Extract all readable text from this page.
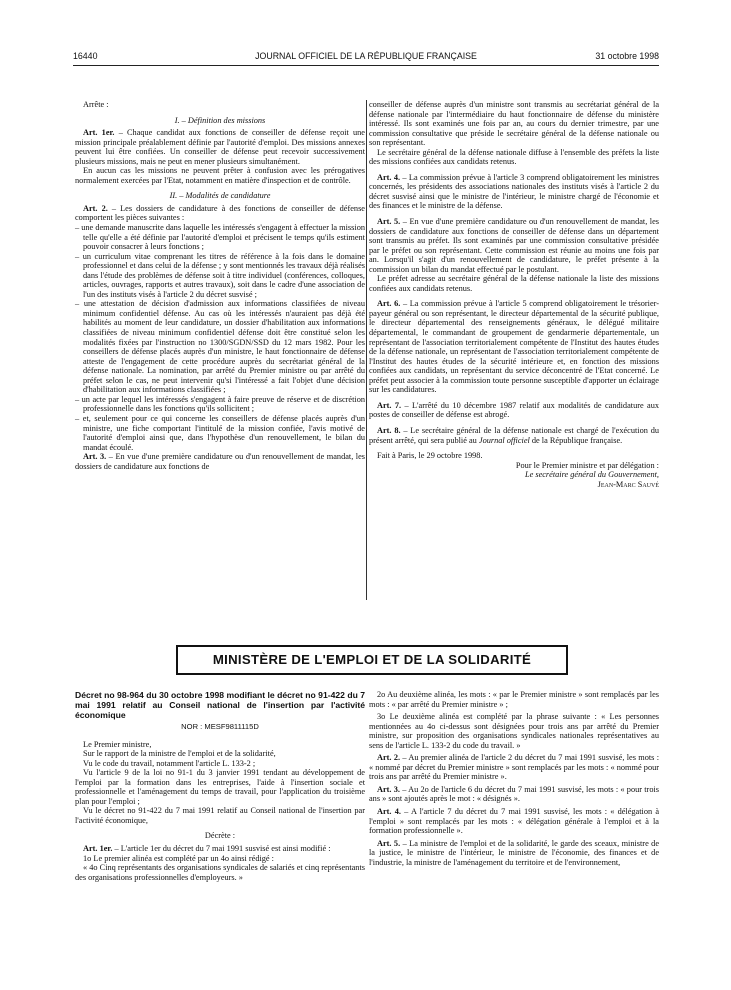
16440	JOURNAL OFFICIEL DE LA RÉPUBLIQUE FRANÇAISE	31 octobre 1998

Arrête :

I. – Définition des missions

Art. 1er. – Chaque candidat aux fonctions de conseiller de défense reçoit une mission principale préalablement définie par l'autorité d'emploi. Des missions annexes peuvent lui être confiées. Un conseiller de défense peut recevoir successivement plusieurs missions, mais ne peut en mener plusieurs simultanément.

En aucun cas les missions ne peuvent prêter à confusion avec les prérogatives normalement exercées par l'Etat, notamment en matière d'inspection et de contrôle.

II. – Modalités de candidature

Art. 2. – Les dossiers de candidature à des fonctions de conseiller de défense comportent les pièces suivantes :

– une demande manuscrite dans laquelle les intéressés s'engagent à effectuer la mission telle qu'elle a été définie par l'autorité d'emploi et précisent le temps qu'ils estiment pouvoir consacrer à leurs fonctions ;
– un curriculum vitae comprenant les titres de référence à la fois dans le domaine professionnel et dans celui de la défense ; y sont mentionnés les travaux déjà réalisés dans l'étude des problèmes de défense soit à titre individuel (conférences, colloques, articles, ouvrages, rapports et autres travaux), soit dans le cadre d'une association de l'un des instituts visés à l'article 2 du décret susvisé ;
– une attestation de décision d'admission aux informations classifiées de niveau minimum confidentiel défense. Au cas où les intéressés n'auraient pas déjà été habilités au moment de leur candidature, un dossier d'habilitation aux informations classifiées de niveau minimum confidentiel défense doit être constitué selon les modalités fixées par l'instruction no 1300/SGDN/SSD du 12 mars 1982. Pour les conseillers de défense placés auprès d'un ministre, le haut fonctionnaire de défense atteste de l'engagement de cette procédure auprès du secrétariat général de la défense nationale. La nomination, par arrêté du Premier ministre ou par arrêté du préfet selon le cas, ne peut intervenir qu'si l'intéressé a fait l'objet d'une décision d'habilitation aux informations classifiées ;
– un acte par lequel les intéressés s'engagent à faire preuve de réserve et de discrétion professionnelle dans les fonctions qu'ils sollicitent ;
– et, seulement pour ce qui concerne les conseillers de défense placés auprès d'un ministre, une fiche comportant l'intitulé de la mission confiée, l'avis motivé de l'autorité d'emploi ainsi que, dans l'hypothèse d'un renouvellement, le bilan du mandat écoulé.

Art. 3. – En vue d'une première candidature ou d'un renouvellement de mandat, les dossiers de candidature aux fonctions de

conseiller de défense auprès d'un ministre sont transmis au secrétariat général de la défense nationale par l'intermédiaire du haut fonctionnaire de défense du ministère intéressé. Ils sont examinés une fois par an, au cours du dernier trimestre, par une commission consultative que préside le secrétaire général de la défense nationale ou son représentant.

Le secrétaire général de la défense nationale diffuse à l'ensemble des préfets la liste des missions confiées aux candidats retenus.

Art. 4. – La commission prévue à l'article 3 comprend obligatoirement les ministres concernés, les présidents des associations nationales des instituts visés à l'article 2 du décret susvisé ainsi que le ministre de l'intérieur, le ministre chargé de l'économie et des finances et le ministre de la défense.

Art. 5. – En vue d'une première candidature ou d'un renouvellement de mandat, les dossiers de candidature aux fonctions de conseiller de défense dans un département sont transmis au préfet. Ils sont examinés par une commission consultative présidée par le préfet ou son représentant. Cette commission est réunie au moins une fois par an. Lorsqu'il s'agit d'un renouvellement de candidature, le préfet présente à la commission un bilan du mandat effectué par le postulant.

Le préfet adresse au secrétaire général de la défense nationale la liste des missions confiées aux candidats retenus.

Art. 6. – La commission prévue à l'article 5 comprend obligatoirement le trésorier-payeur général ou son représentant, le directeur départemental de la sécurité publique, le directeur départemental des renseignements généraux, le délégué militaire départemental, le commandant de groupement de gendarmerie départementale, un représentant de l'association territorialement compétente de l'Institut des hautes études de la défense nationale, un représentant de l'association territorialement compétente de l'Institut des hautes études de la sécurité intérieure et, en fonction des missions confiées aux candidats, un représentant du service déconcentré de l'Etat concerné. Le préfet peut associer à la commission toute personne susceptible d'apporter un éclairage sur les candidatures.

Art. 7. – L'arrêté du 10 décembre 1987 relatif aux modalités de candidature aux postes de conseiller de défense est abrogé.

Art. 8. – Le secrétaire général de la défense nationale est chargé de l'exécution du présent arrêté, qui sera publié au Journal officiel de la République française.

Fait à Paris, le 29 octobre 1998.

Pour le Premier ministre et par délégation :

Le secrétaire général du Gouvernement,

Jean-Marc Sauvé

MINISTÈRE DE L'EMPLOI ET DE LA SOLIDARITÉ

Décret no 98-964 du 30 octobre 1998 modifiant le décret no 91-422 du 7 mai 1991 relatif au Conseil national de l'insertion par l'activité économique

NOR : MESF9811115D

Le Premier ministre,

Sur le rapport de la ministre de l'emploi et de la solidarité,

Vu le code du travail, notamment l'article L. 133-2 ;

Vu l'article 9 de la loi no 91-1 du 3 janvier 1991 tendant au développement de l'emploi par la formation dans les entreprises, l'aide à l'insertion sociale et professionnelle et l'aménagement du temps de travail, pour l'application du troisième plan pour l'emploi ;

Vu le décret no 91-422 du 7 mai 1991 relatif au Conseil national de l'insertion par l'activité économique,

Décrète :

Art. 1er. – L'article 1er du décret du 7 mai 1991 susvisé est ainsi modifié :

1o Le premier alinéa est complété par un 4o ainsi rédigé :

« 4o Cinq représentants des organisations syndicales de salariés et cinq représentants des organisations professionnelles d'employeurs. »

2o Au deuxième alinéa, les mots : « par le Premier ministre » sont remplacés par les mots : « par arrêté du Premier ministre » ;

3o Le deuxième alinéa est complété par la phrase suivante : « Les personnes mentionnées au 4o ci-dessus sont désignées pour trois ans par arrêté du Premier ministre, sur proposition des organisations syndicales nationales représentatives au sens de l'article L. 133-2 du code du travail. »

Art. 2. – Au premier alinéa de l'article 2 du décret du 7 mai 1991 susvisé, les mots : « nommé par décret du Premier ministre » sont remplacés par les mots : « nommé pour trois ans par arrêté du Premier ministre ».

Art. 3. – Au 2o de l'article 6 du décret du 7 mai 1991 susvisé, les mots : « pour trois ans » sont ajoutés après le mot : « désignés ».

Art. 4. – A l'article 7 du décret du 7 mai 1991 susvisé, les mots : « délégation à l'emploi » sont remplacés par les mots : « délégation générale à l'emploi et à la formation professionnelle ».

Art. 5. – La ministre de l'emploi et de la solidarité, le garde des sceaux, ministre de la justice, le ministre de l'intérieur, le ministre de l'économie, des finances et de l'industrie, la ministre de l'aménagement du territoire et de l'environnement,
